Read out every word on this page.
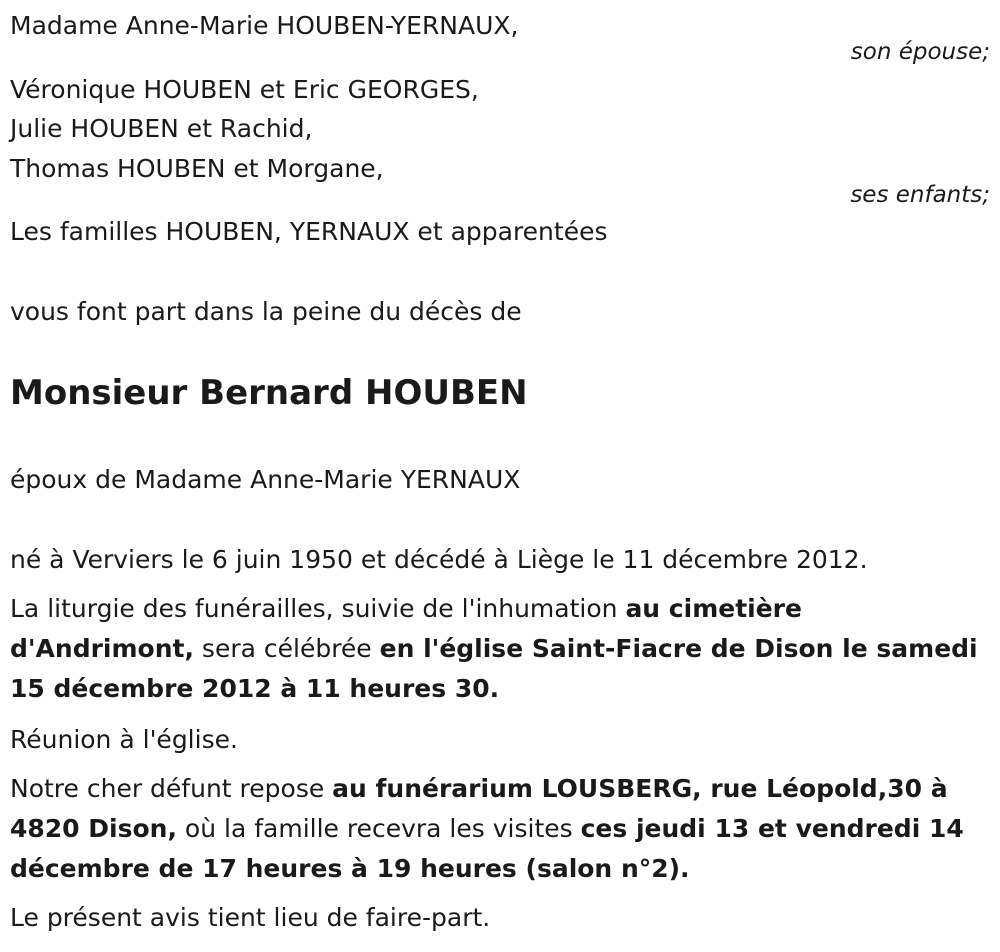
Madame Anne-Marie HOUBEN-YERNAUX,
son épouse;
Véronique HOUBEN et Eric GEORGES,
Julie HOUBEN et Rachid,
Thomas HOUBEN et Morgane,
ses enfants;
Les familles HOUBEN, YERNAUX et apparentées
vous font part dans la peine du décès de
Monsieur Bernard HOUBEN
époux de Madame Anne-Marie YERNAUX
né à Verviers le 6 juin 1950 et décédé à Liège le 11 décembre 2012.
La liturgie des funérailles, suivie de l'inhumation au cimetière d'Andrimont, sera célébrée en l'église Saint-Fiacre de Dison le samedi 15 décembre 2012 à 11 heures 30.
Réunion à l'église.
Notre cher défunt repose au funérarium LOUSBERG, rue Léopold,30 à 4820 Dison, où la famille recevra les visites ces jeudi 13 et vendredi 14 décembre de 17 heures à 19 heures (salon n°2).
Le présent avis tient lieu de faire-part.
